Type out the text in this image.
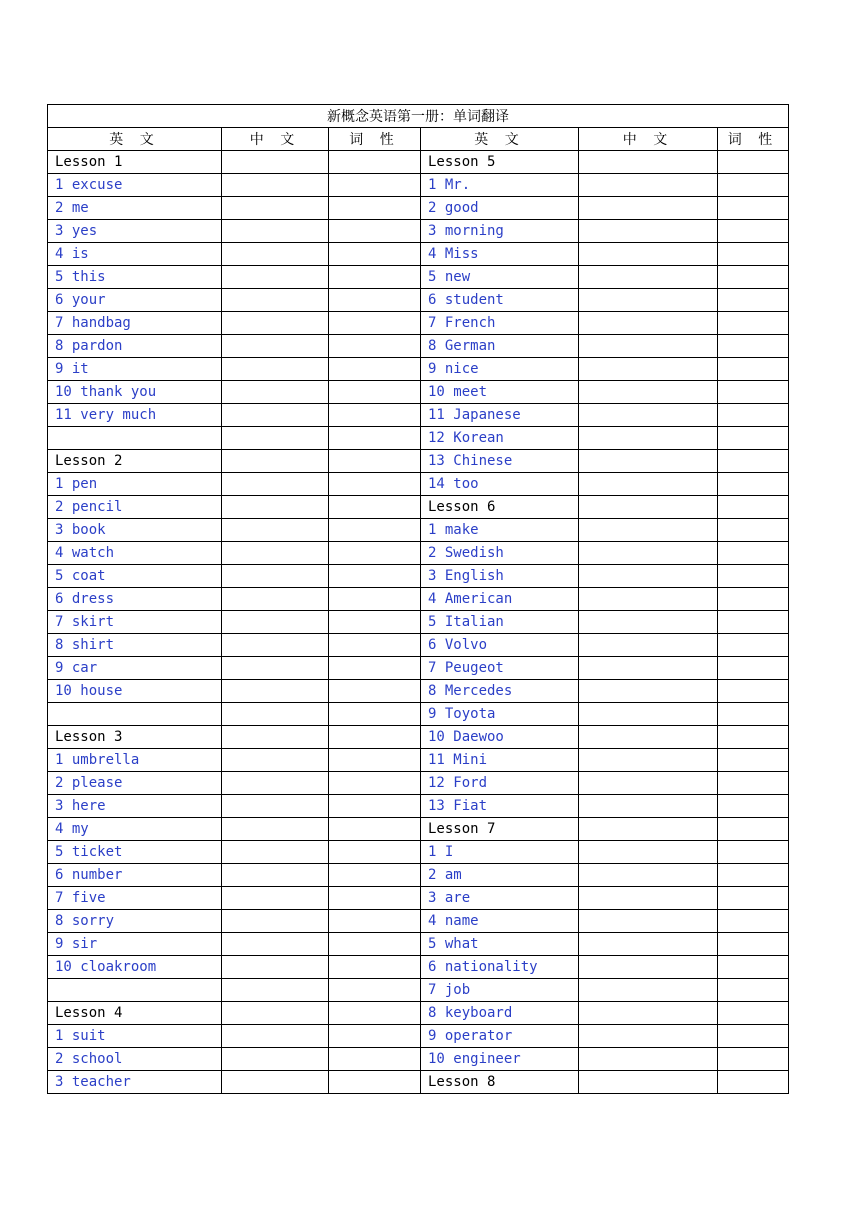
新概念英语第一册：单词翻译					
英 文	中 文	词 性	英 文	中 文	词 性
Lesson 1			Lesson 5		
1 excuse			1 Mr.		
2 me			2 good		
3 yes			3 morning		
4 is			4 Miss		
5 this			5 new		
6 your			6 student		
7 handbag			7 French		
8 pardon			8 German		
9 it			9 nice		
10 thank you			10 meet		
11 very much			11 Japanese		
			12 Korean		
Lesson 2			13 Chinese		
1 pen			14 too		
2 pencil			Lesson 6		
3 book			1 make		
4 watch			2 Swedish		
5 coat			3 English		
6 dress			4 American		
7 skirt			5 Italian		
8 shirt			6 Volvo		
9 car			7 Peugeot		
10 house			8 Mercedes		
			9 Toyota		
Lesson 3			10 Daewoo		
1 umbrella			11 Mini		
2 please			12 Ford		
3 here			13 Fiat		
4 my			Lesson 7		
5 ticket			1 I		
6 number			2 am		
7 five			3 are		
8 sorry			4 name		
9 sir			5 what		
10 cloakroom			6 nationality		
			7 job		
Lesson 4			8 keyboard		
1 suit			9 operator		
2 school			10 engineer		
3 teacher			Lesson 8		
